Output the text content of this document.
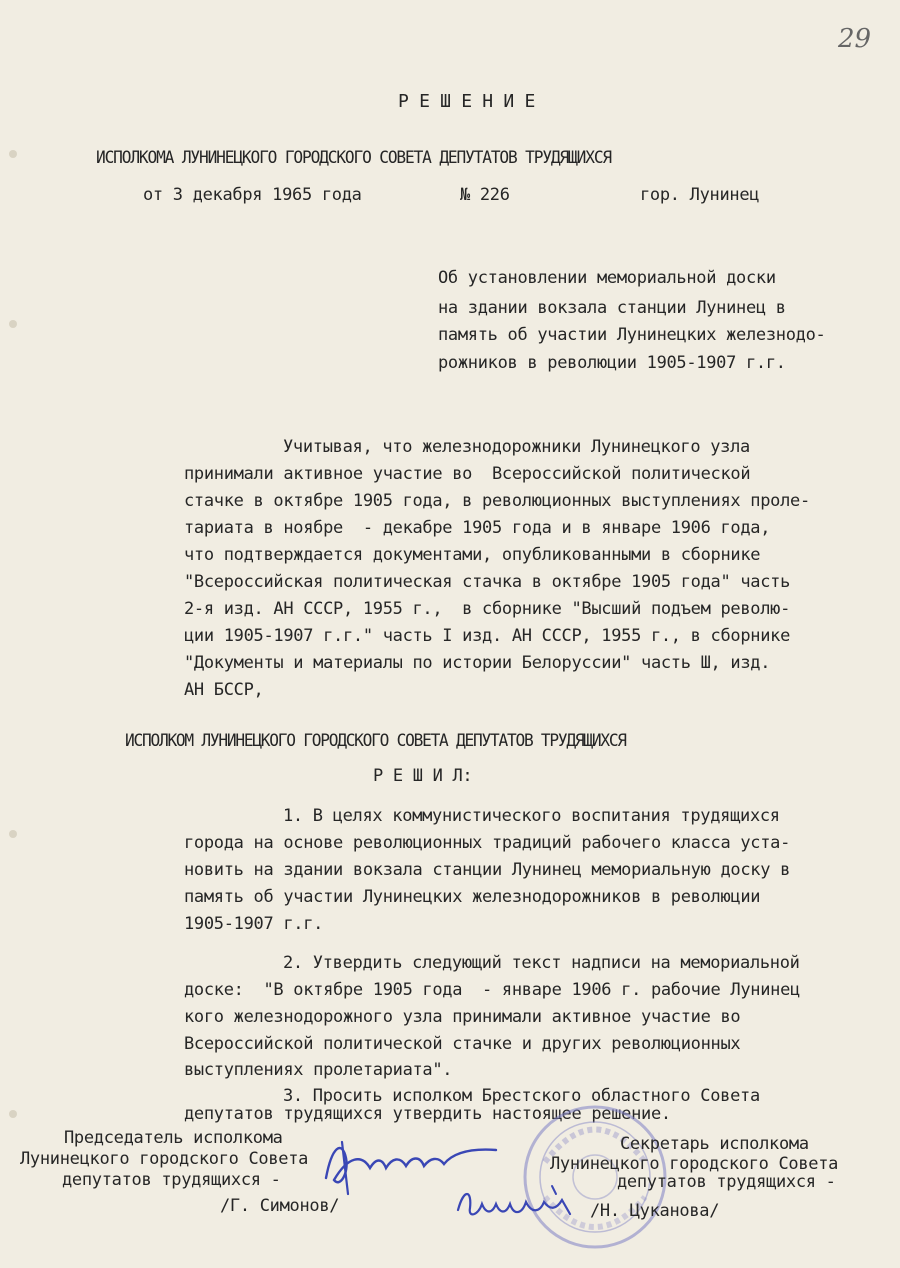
29
Р Е Ш Е Н И Е
ИСПОЛКОМА ЛУНИНЕЦКОГО ГОРОДСКОГО СОВЕТА ДЕПУТАТОВ ТРУДЯЩИХСЯ
от 3 декабря 1965 года	№ 226	гор. Лунинец
Об установлении мемориальной доски
на здании вокзала станции Лунинец в
память об участии Лунинецких железнодо-
рожников в революции 1905-1907 г.г.
Учитывая, что железнодорожники Лунинецкого узла
принимали активное участие во  Всероссийской политической
стачке в октябре 1905 года, в революционных выступлениях проле-
тариата в ноябре  - декабре 1905 года и в январе 1906 года,
что подтверждается документами, опубликованными в сборнике
"Всероссийская политическая стачка в октябре 1905 года" часть
2-я изд. АН СССР, 1955 г.,  в сборнике "Высший подъем револю-
ции 1905-1907 г.г." часть I изд. АН СССР, 1955 г., в сборнике
"Документы и материалы по истории Белоруссии" часть Ш, изд.
АН БССР,
ИСПОЛКОМ ЛУНИНЕЦКОГО ГОРОДСКОГО СОВЕТА ДЕПУТАТОВ ТРУДЯЩИХСЯ
Р Е Ш И Л:
1. В целях коммунистического воспитания трудящихся
города на основе революционных традиций рабочего класса уста-
новить на здании вокзала станции Лунинец мемориальную доску в
память об участии Лунинецких железнодорожников в революции
1905-1907 г.г.
2. Утвердить следующий текст надписи на мемориальной
доске:  "В октябре 1905 года  - январе 1906 г. рабочие Лунинец
кого железнодорожного узла принимали активное участие во
Всероссийской политической стачке и других революционных
выступлениях пролетариата".
3. Просить исполком Брестского областного Совета
депутатов трудящихся утвердить настоящее решение.
Председатель исполкома
Лунинецкого городского Совета
депутатов трудящихся -
/Г. Симонов/
Секретарь исполкома
Лунинецкого городского Совета
депутатов трудящихся -
/Н. Цуканова/
